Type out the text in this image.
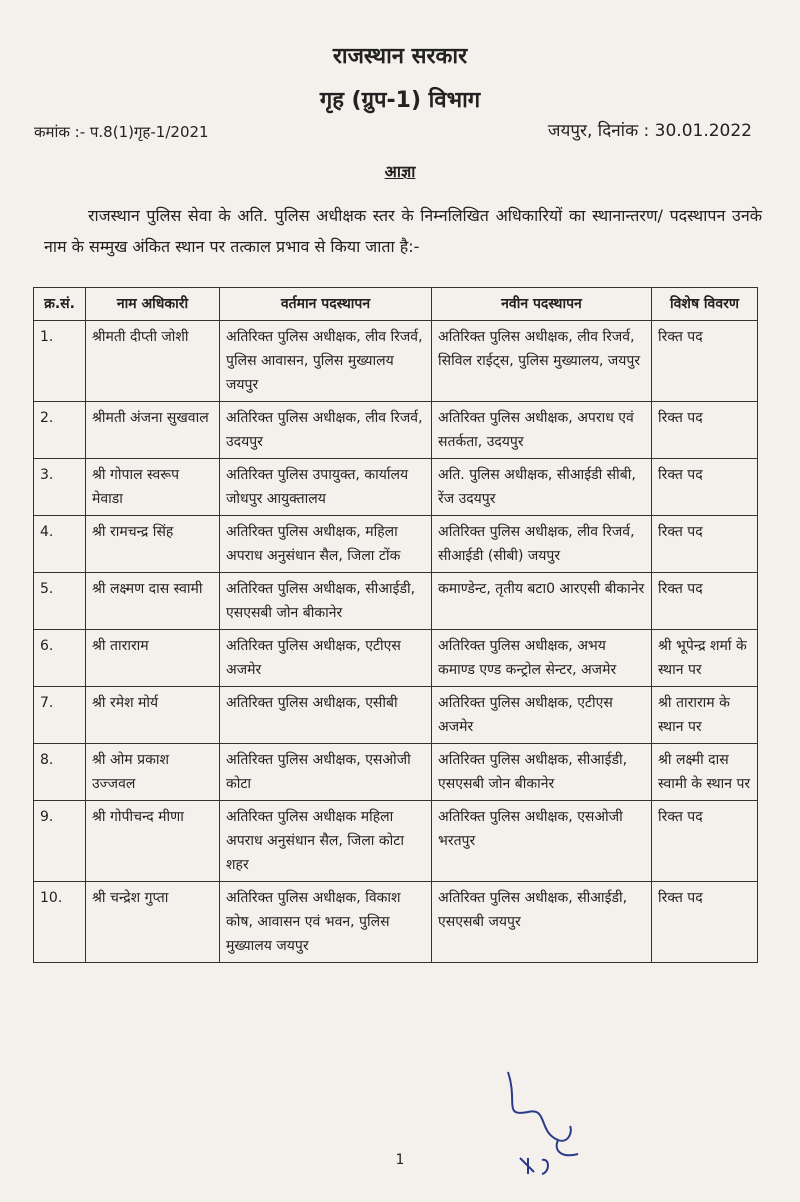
राजस्थान सरकार
गृह (ग्रुप-1) विभाग
कमांक :- प.8(1)गृह-1/2021	जयपुर, दिनांक : 30.01.2022
आज्ञा
राजस्थान पुलिस सेवा के अति. पुलिस अधीक्षक स्तर के निम्नलिखित अधिकारियों का स्थानान्तरण/ पदस्थापन उनके नाम के सम्मुख अंकित स्थान पर तत्काल प्रभाव से किया जाता है:-
क्र.सं.	नाम अधिकारी	वर्तमान पदस्थापन	नवीन पदस्थापन	विशेष विवरण
1.	श्रीमती दीप्ती जोशी	अतिरिक्त पुलिस अधीक्षक, लीव रिजर्व, पुलिस आवासन, पुलिस मुख्यालय जयपुर	अतिरिक्त पुलिस अधीक्षक, लीव रिजर्व, सिविल राईट्स, पुलिस मुख्यालय, जयपुर	रिक्त पद
2.	श्रीमती अंजना सुखवाल	अतिरिक्त पुलिस अधीक्षक, लीव रिजर्व, उदयपुर	अतिरिक्त पुलिस अधीक्षक, अपराध एवं सतर्कता, उदयपुर	रिक्त पद
3.	श्री गोपाल स्वरूप मेवाडा	अतिरिक्त पुलिस उपायुक्त, कार्यालय जोधपुर आयुक्तालय	अति. पुलिस अधीक्षक, सीआईडी सीबी, रेंज उदयपुर	रिक्त पद
4.	श्री रामचन्द्र सिंह	अतिरिक्त पुलिस अधीक्षक, महिला अपराध अनुसंधान सैल, जिला टोंक	अतिरिक्त पुलिस अधीक्षक, लीव रिजर्व, सीआईडी (सीबी) जयपुर	रिक्त पद
5.	श्री लक्ष्मण दास स्वामी	अतिरिक्त पुलिस अधीक्षक, सीआईडी, एसएसबी जोन बीकानेर	कमाण्डेन्ट, तृतीय बटा0 आरएसी बीकानेर	रिक्त पद
6.	श्री ताराराम	अतिरिक्त पुलिस अधीक्षक, एटीएस अजमेर	अतिरिक्त पुलिस अधीक्षक, अभय कमाण्ड एण्ड कन्ट्रोल सेन्टर, अजमेर	श्री भूपेन्द्र शर्मा के स्थान पर
7.	श्री रमेश मोर्य	अतिरिक्त पुलिस अधीक्षक, एसीबी	अतिरिक्त पुलिस अधीक्षक, एटीएस अजमेर	श्री ताराराम के स्थान पर
8.	श्री ओम प्रकाश उज्जवल	अतिरिक्त पुलिस अधीक्षक, एसओजी कोटा	अतिरिक्त पुलिस अधीक्षक, सीआईडी, एसएसबी जोन बीकानेर	श्री लक्ष्मी दास स्वामी के स्थान पर
9.	श्री गोपीचन्द मीणा	अतिरिक्त पुलिस अधीक्षक महिला अपराध अनुसंधान सैल, जिला कोटा शहर	अतिरिक्त पुलिस अधीक्षक, एसओजी भरतपुर	रिक्त पद
10.	श्री चन्द्रेश गुप्ता	अतिरिक्त पुलिस अधीक्षक, विकाश कोष, आवासन एवं भवन, पुलिस मुख्यालय जयपुर	अतिरिक्त पुलिस अधीक्षक, सीआईडी, एसएसबी जयपुर	रिक्त पद
1
